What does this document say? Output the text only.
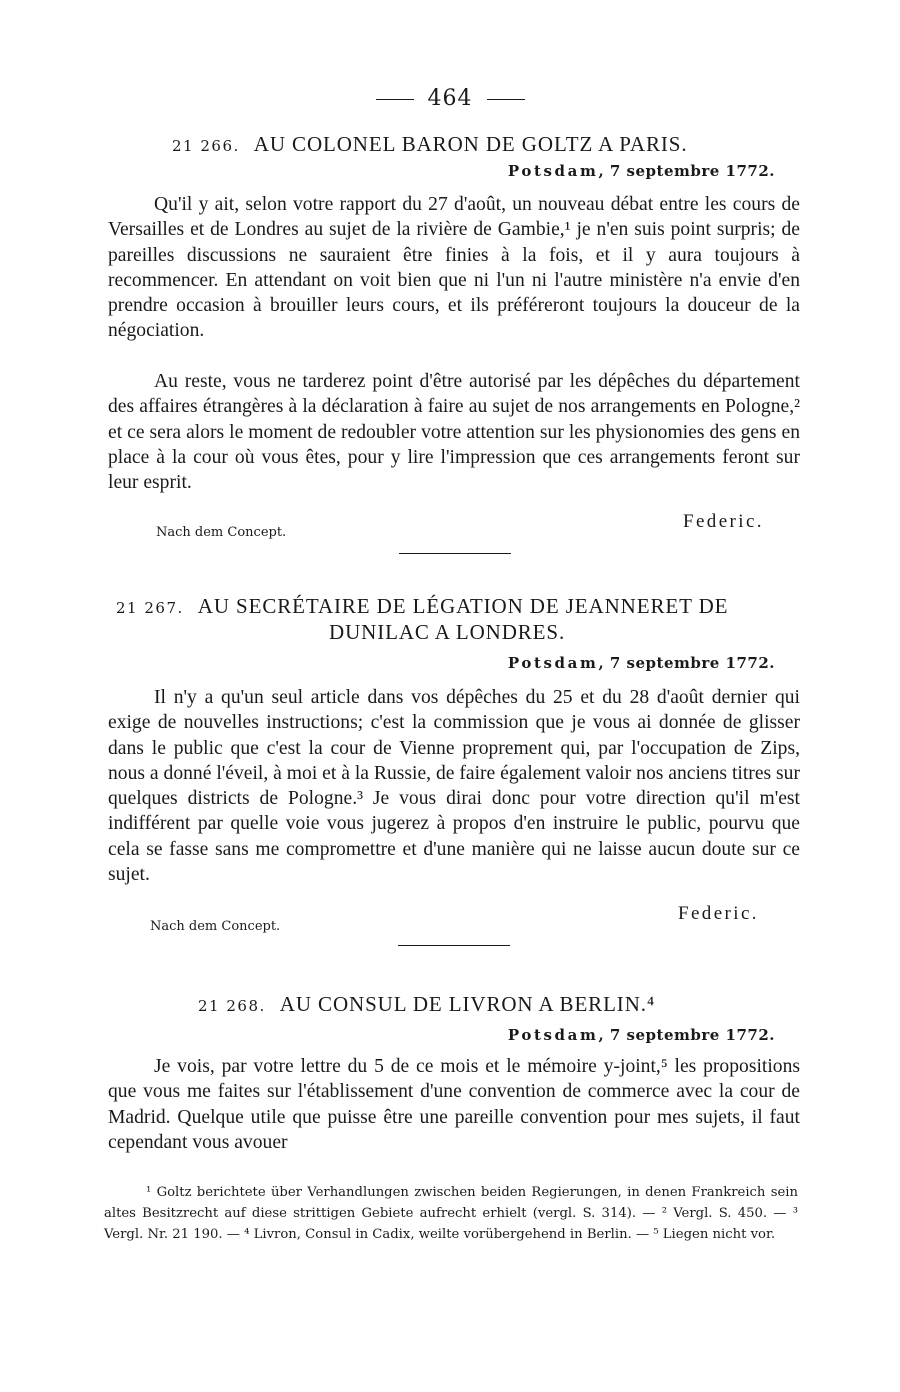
464
21 266. AU COLONEL BARON DE GOLTZ A PARIS.
Potsdam, 7 septembre 1772.

Qu'il y ait, selon votre rapport du 27 d'août, un nouveau débat entre les cours de Versailles et de Londres au sujet de la rivière de Gambie,¹ je n'en suis point surpris; de pareilles discussions ne sauraient être finies à la fois, et il y aura toujours à recommencer. En attendant on voit bien que ni l'un ni l'autre ministère n'a envie d'en prendre occasion à brouiller leurs cours, et ils préféreront toujours la douceur de la négociation.

Au reste, vous ne tarderez point d'être autorisé par les dépêches du département des affaires étrangères à la déclaration à faire au sujet de nos arrangements en Pologne,² et ce sera alors le moment de redoubler votre attention sur les physionomies des gens en place à la cour où vous êtes, pour y lire l'impression que ces arrangements feront sur leur esprit.

Federic.
Nach dem Concept.
21 267. AU SECRÉTAIRE DE LÉGATION DE JEANNERET DE
DUNILAC A LONDRES.
Potsdam, 7 septembre 1772.

Il n'y a qu'un seul article dans vos dépêches du 25 et du 28 d'août dernier qui exige de nouvelles instructions; c'est la commission que je vous ai donnée de glisser dans le public que c'est la cour de Vienne proprement qui, par l'occupation de Zips, nous a donné l'éveil, à moi et à la Russie, de faire également valoir nos anciens titres sur quelques districts de Pologne.³ Je vous dirai donc pour votre direction qu'il m'est indifférent par quelle voie vous jugerez à propos d'en instruire le public, pourvu que cela se fasse sans me compromettre et d'une manière qui ne laisse aucun doute sur ce sujet.

Federic.
Nach dem Concept.
21 268. AU CONSUL DE LIVRON A BERLIN.⁴
Potsdam, 7 septembre 1772.

Je vois, par votre lettre du 5 de ce mois et le mémoire y-joint,⁵ les propositions que vous me faites sur l'établissement d'une convention de commerce avec la cour de Madrid. Quelque utile que puisse être une pareille convention pour mes sujets, il faut cependant vous avouer

¹ Goltz berichtete über Verhandlungen zwischen beiden Regierungen, in denen Frankreich sein altes Besitzrecht auf diese strittigen Gebiete aufrecht erhielt (vergl. S. 314). — ² Vergl. S. 450. — ³ Vergl. Nr. 21 190. — ⁴ Livron, Consul in Cadix, weilte vorübergehend in Berlin. — ⁵ Liegen nicht vor.
